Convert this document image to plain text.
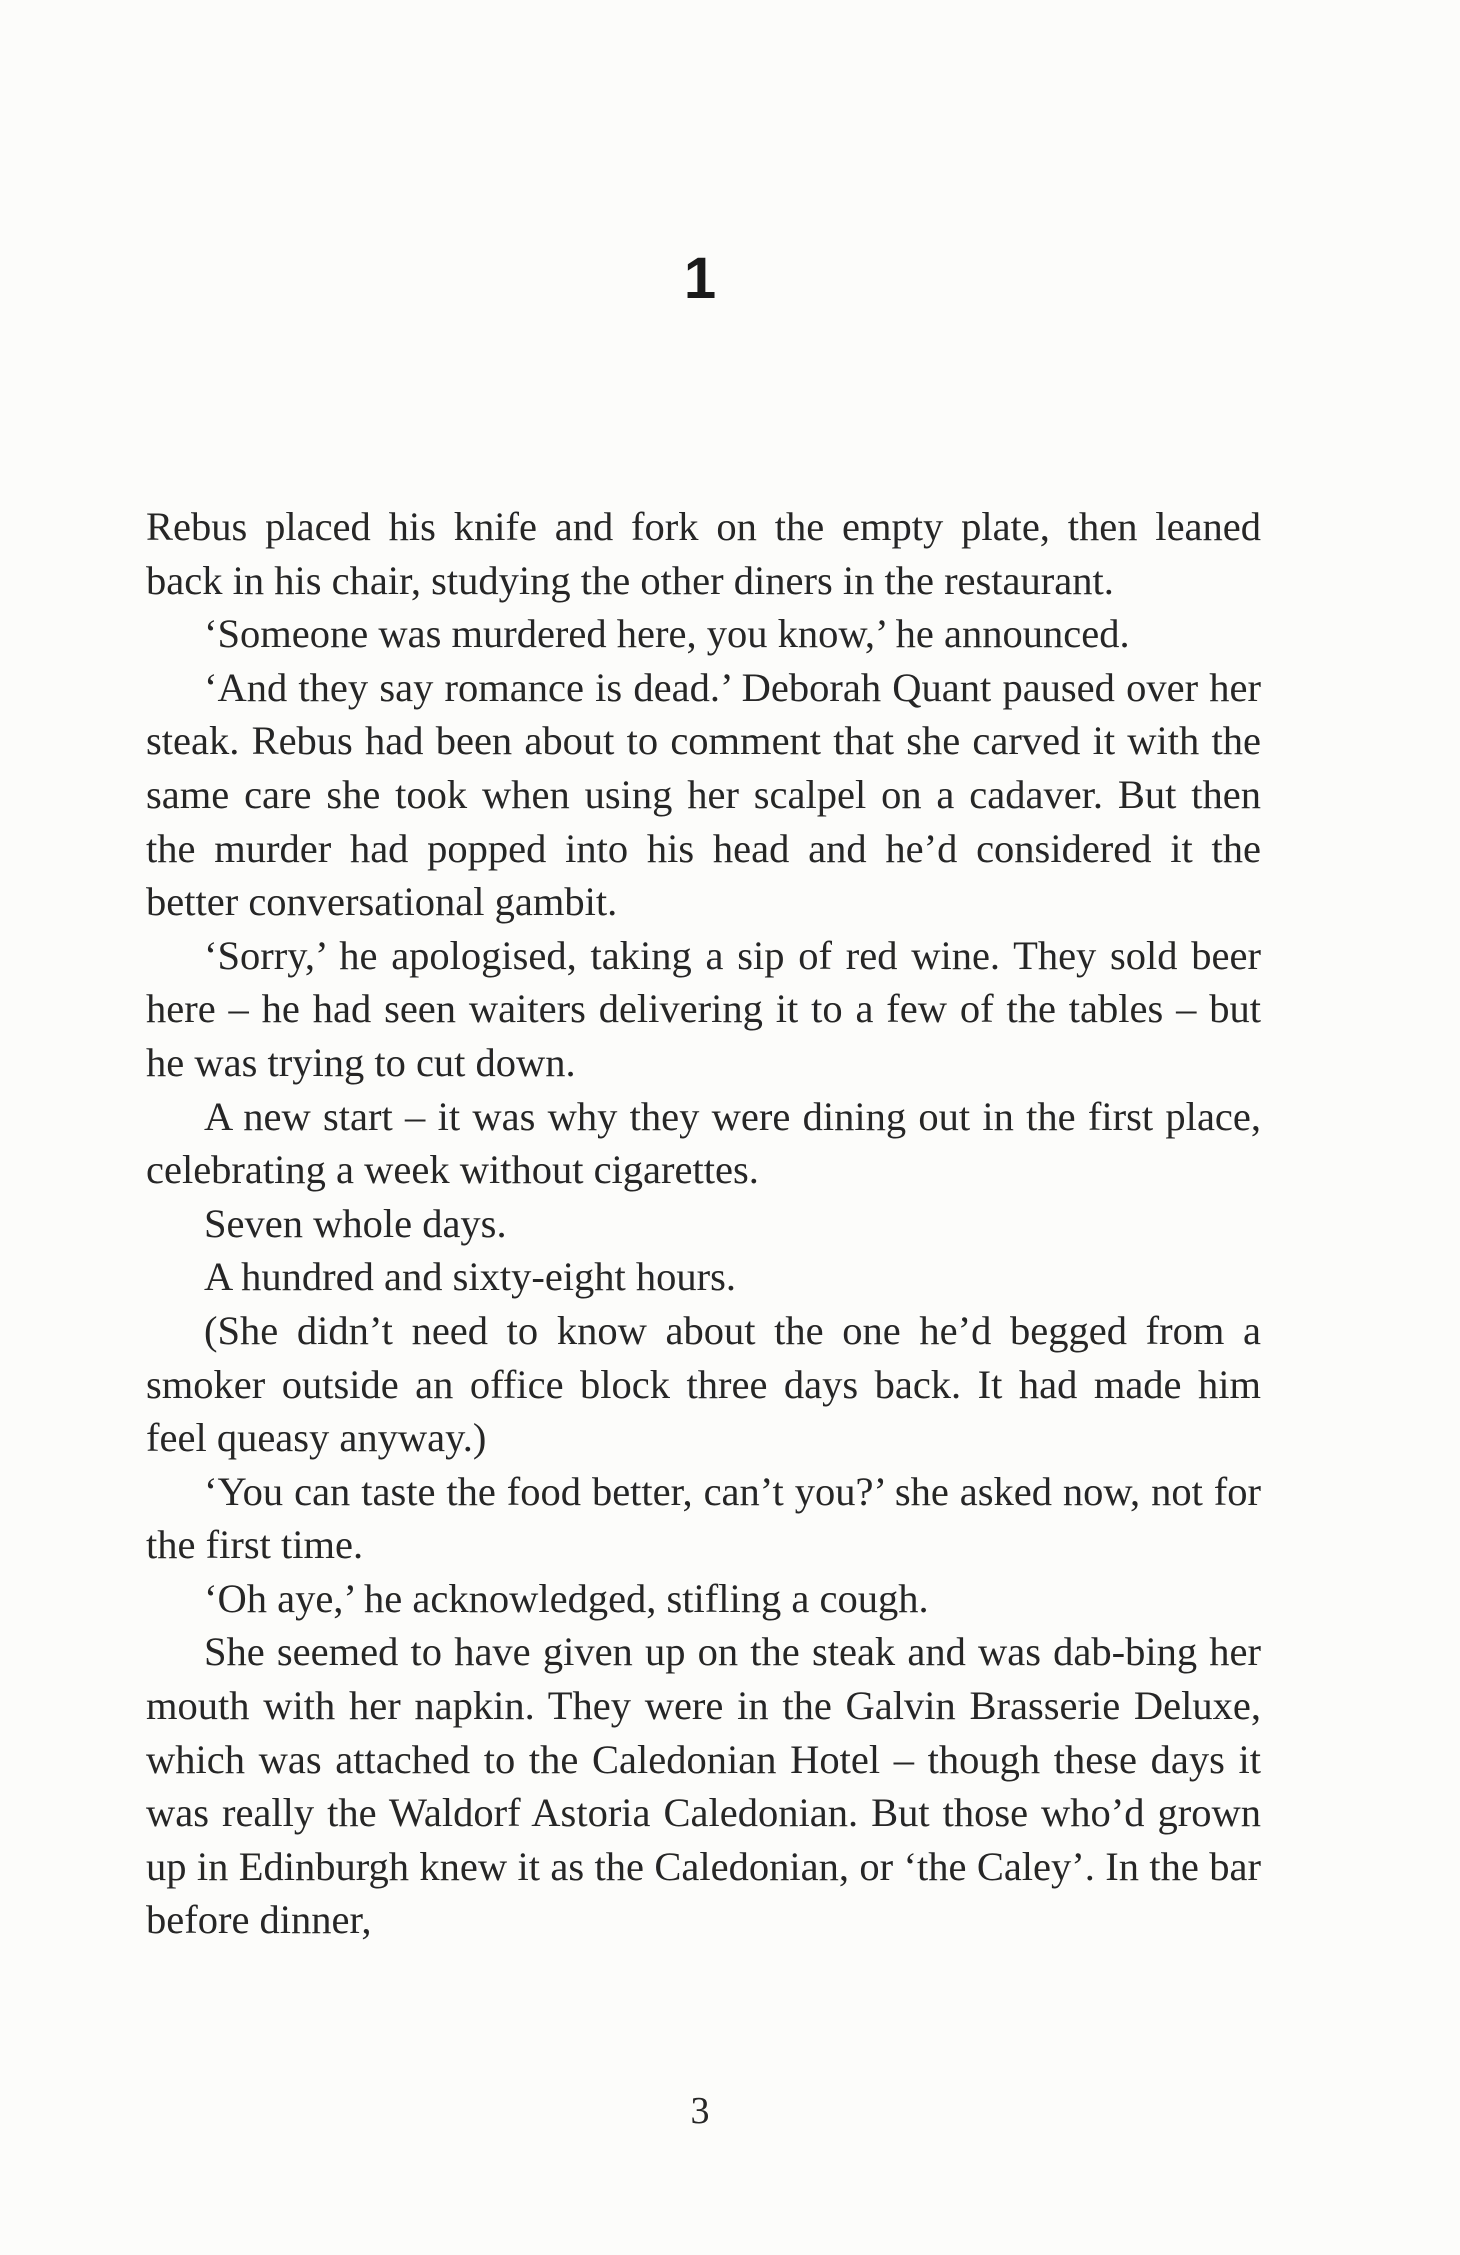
1

Rebus placed his knife and fork on the empty plate, then leaned back in his chair, studying the other diners in the restaurant.

‘Someone was murdered here, you know,’ he announced.

‘And they say romance is dead.’ Deborah Quant paused over her steak. Rebus had been about to comment that she carved it with the same care she took when using her scalpel on a cadaver. But then the murder had popped into his head and he’d considered it the better conversational gambit.

‘Sorry,’ he apologised, taking a sip of red wine. They sold beer here – he had seen waiters delivering it to a few of the tables – but he was trying to cut down.

A new start – it was why they were dining out in the first place, celebrating a week without cigarettes.

Seven whole days.

A hundred and sixty-eight hours.

(She didn’t need to know about the one he’d begged from a smoker outside an office block three days back. It had made him feel queasy anyway.)

‘You can taste the food better, can’t you?’ she asked now, not for the first time.

‘Oh aye,’ he acknowledged, stifling a cough.

She seemed to have given up on the steak and was dab-bing her mouth with her napkin. They were in the Galvin Brasserie Deluxe, which was attached to the Caledonian Hotel – though these days it was really the Waldorf Astoria Caledonian. But those who’d grown up in Edinburgh knew it as the Caledonian, or ‘the Caley’. In the bar before dinner,

3
